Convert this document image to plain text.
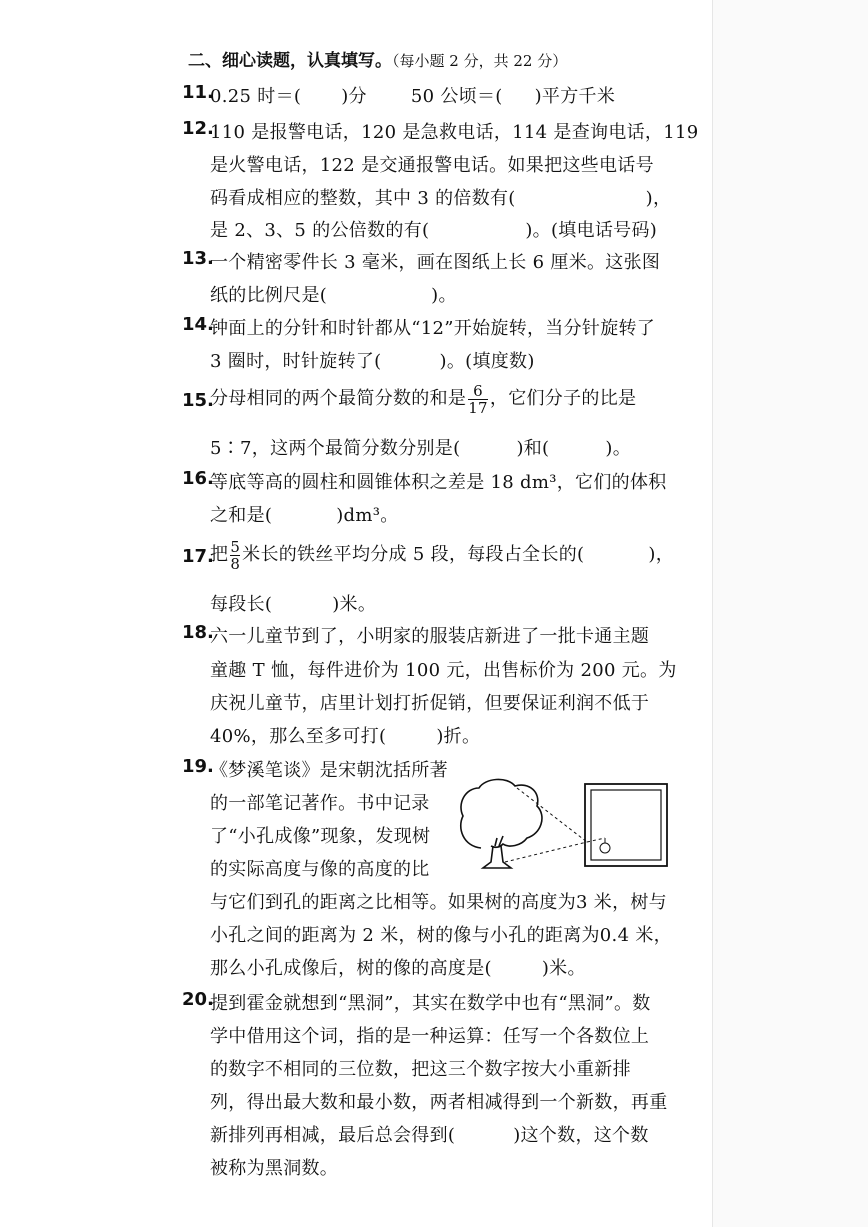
二、细心读题，认真填写。（每小题 2 分，共 22 分）
11.
0.25 时＝( )分 50 公顷＝( )平方千米
12.
110 是报警电话，120 是急救电话，114 是查询电话，119
是火警电话，122 是交通报警电话。如果把这些电话号
码看成相应的整数，其中 3 的倍数有(	)，
是 2、3、5 的公倍数的有(	)。(填电话号码)
13.
一个精密零件长 3 毫米，画在图纸上长 6 厘米。这张图
纸的比例尺是(	)。
14.
钟面上的分针和时针都从“12”开始旋转，当分针旋转了
3 圈时，时针旋转了(	)。(填度数)
15.
分母相同的两个最简分数的和是 $\frac{6}{17}$ ，它们分子的比是
5∶7，这两个最简分数分别是(	)和(	)。
16.
等底等高的圆柱和圆锥体积之差是 18 dm³，它们的体积
之和是(	)dm³。
17.
把 $\frac{5}{8}$ 米长的铁丝平均分成 5 段，每段占全长的(	)，
每段长(	)米。
18.
六一儿童节到了，小明家的服装店新进了一批卡通主题
童趣 T 恤，每件进价为 100 元，出售标价为 200 元。为
庆祝儿童节，店里计划打折促销，但要保证利润不低于
40%，那么至多可打(	)折。
19.
《梦溪笔谈》是宋朝沈括所著
的一部笔记著作。书中记录
了“小孔成像”现象，发现树
的实际高度与像的高度的比
与它们到孔的距离之比相等。如果树的高度为3 米，树与
小孔之间的距离为 2 米，树的像与小孔的距离为0.4 米，
那么小孔成像后，树的像的高度是(	)米。
20.
提到霍金就想到“黑洞”，其实在数学中也有“黑洞”。数
学中借用这个词，指的是一种运算：任写一个各数位上
的数字不相同的三位数，把这三个数字按大小重新排
列，得出最大数和最小数，两者相减得到一个新数，再重
新排列再相减，最后总会得到(	)这个数，这个数
被称为黑洞数。
